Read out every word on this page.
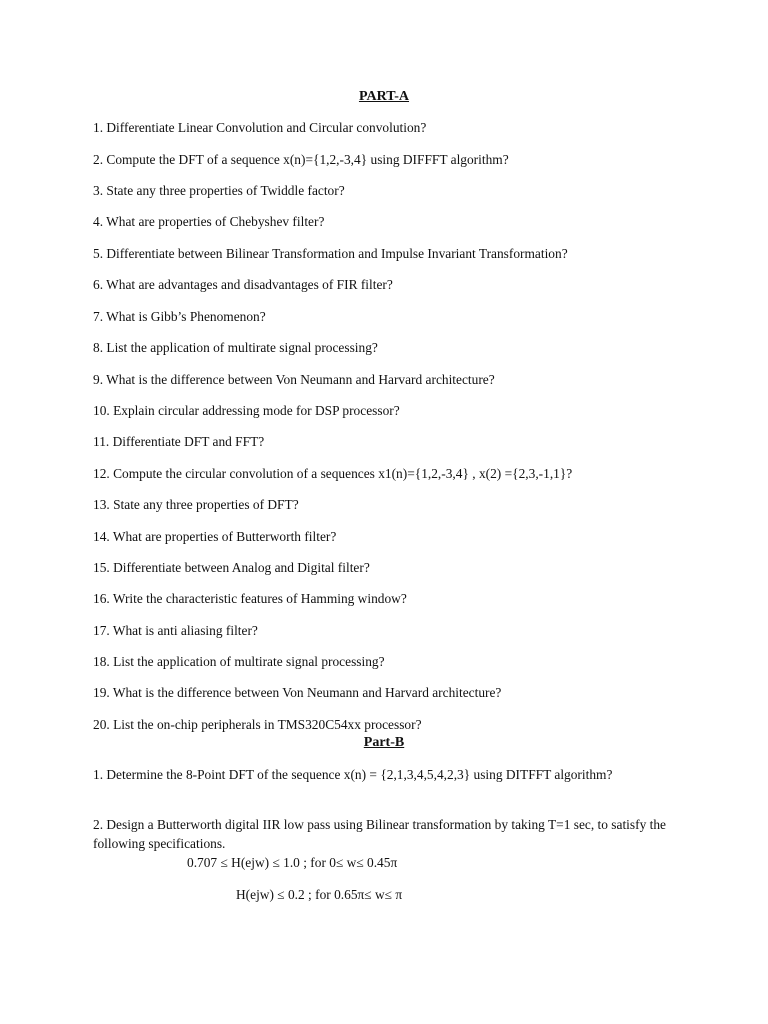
PART-A

1. Differentiate Linear Convolution and Circular convolution?

2. Compute the DFT of a sequence x(n)={1,2,-3,4} using DIFFFT algorithm?

3. State any three properties of Twiddle factor?

4. What are properties of Chebyshev filter?

5. Differentiate between Bilinear Transformation and Impulse Invariant Transformation?

6. What are advantages and disadvantages of FIR filter?

7. What is Gibb’s Phenomenon?

8. List the application of multirate signal processing?

9. What is the difference between Von Neumann and Harvard architecture?

10. Explain circular addressing mode for DSP processor?

11. Differentiate DFT and FFT?

12. Compute the circular convolution of a sequences x1(n)={1,2,-3,4} , x(2) ={2,3,-1,1}?

13. State any three properties of DFT?

14. What are properties of Butterworth filter?

15. Differentiate between Analog and Digital filter?

16. Write the characteristic features of Hamming window?

17. What is anti aliasing filter?

18. List the application of multirate signal processing?

19. What is the difference between Von Neumann and Harvard architecture?

20. List the on-chip peripherals in TMS320C54xx processor?

Part-B

1. Determine the 8-Point DFT of the sequence x(n) = {2,1,3,4,5,4,2,3} using DITFFT algorithm?

2. Design a Butterworth digital IIR low pass using Bilinear transformation by taking T=1 sec, to satisfy the following specifications.

0.707 ≤ H(ejw) ≤ 1.0 ; for 0≤ w≤ 0.45π

H(ejw) ≤ 0.2 ; for 0.65π≤ w≤ π
